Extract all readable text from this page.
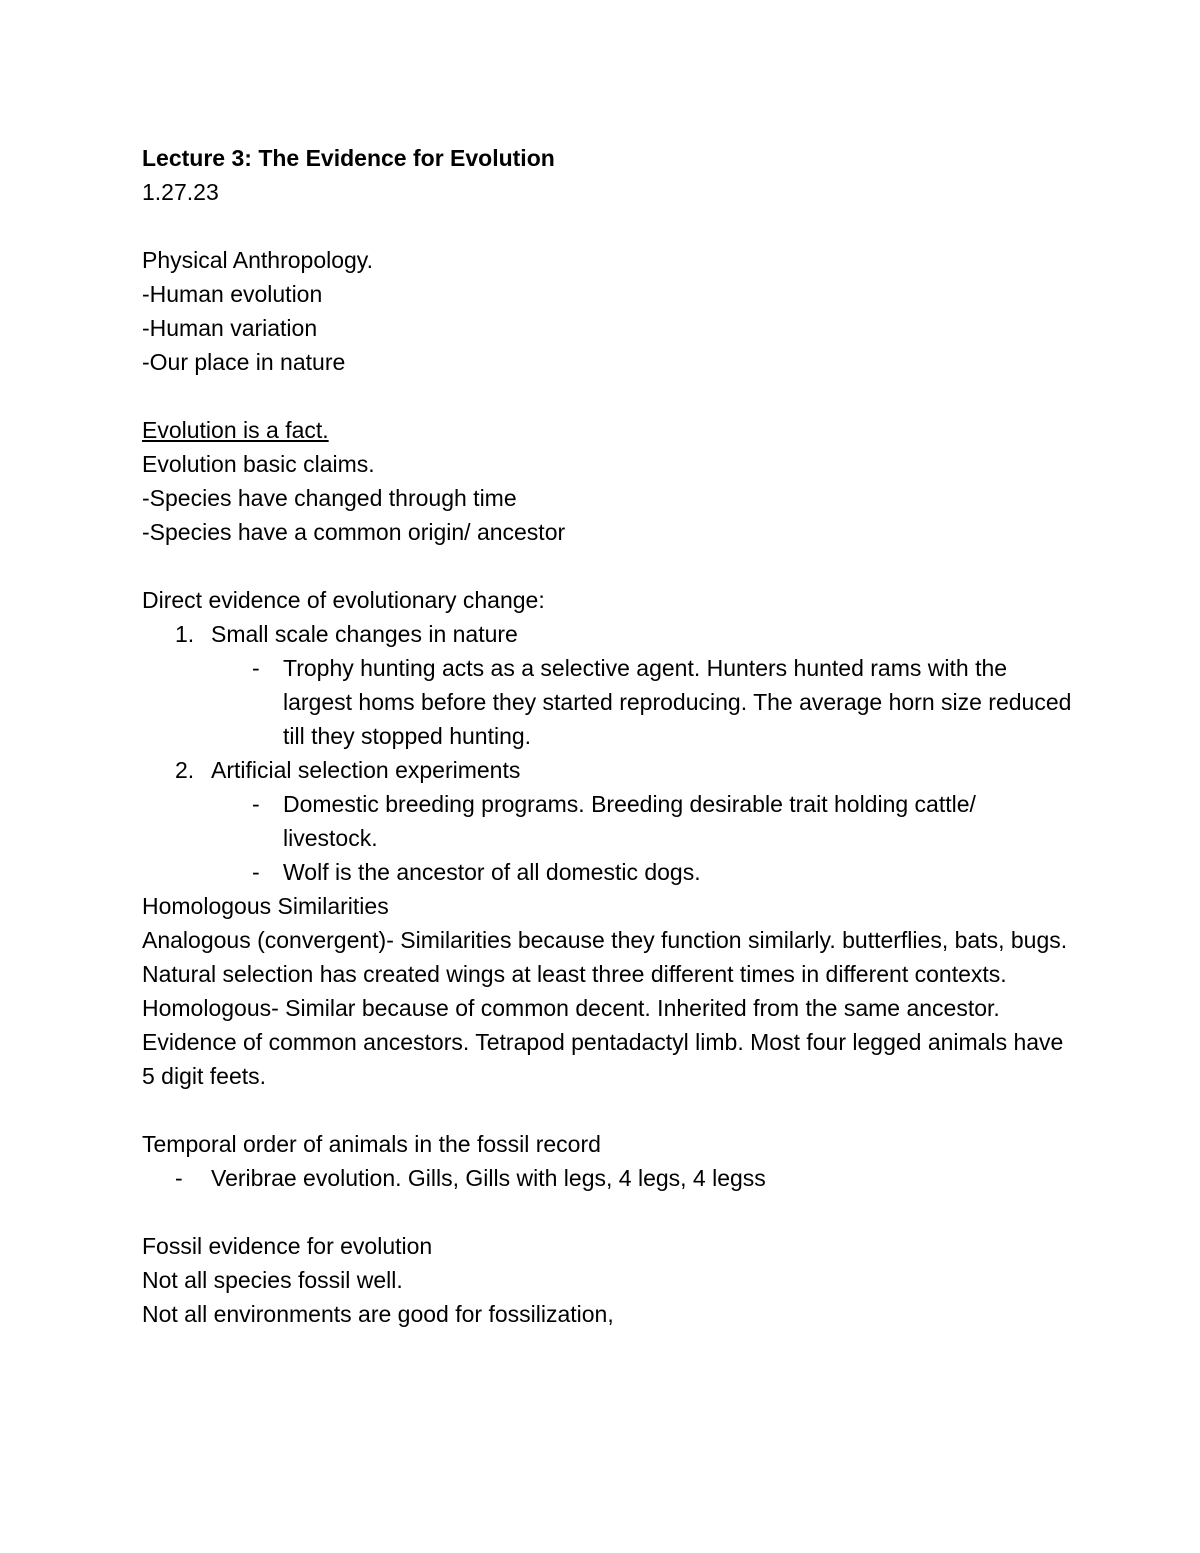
Lecture 3: The Evidence for Evolution
1.27.23
Physical Anthropology.
-Human evolution
-Human variation
-Our place in nature
Evolution is a fact.
Evolution basic claims.
-Species have changed through time
-Species have a common origin/ ancestor
Direct evidence of evolutionary change:
1. Small scale changes in nature
- Trophy hunting acts as a selective agent. Hunters hunted rams with the largest homs before they started reproducing. The average horn size reduced till they stopped hunting.
2. Artificial selection experiments
- Domestic breeding programs. Breeding desirable trait holding cattle/ livestock.
- Wolf is the ancestor of all domestic dogs.
Homologous Similarities
Analogous (convergent)- Similarities because they function similarly. butterflies, bats, bugs. Natural selection has created wings at least three different times in different contexts.
Homologous- Similar because of common decent. Inherited from the same ancestor. Evidence of common ancestors. Tetrapod pentadactyl limb. Most four legged animals have 5 digit feets.
Temporal order of animals in the fossil record
- Veribrae evolution. Gills, Gills with legs, 4 legs, 4 legss
Fossil evidence for evolution
Not all species fossil well.
Not all environments are good for fossilization,
